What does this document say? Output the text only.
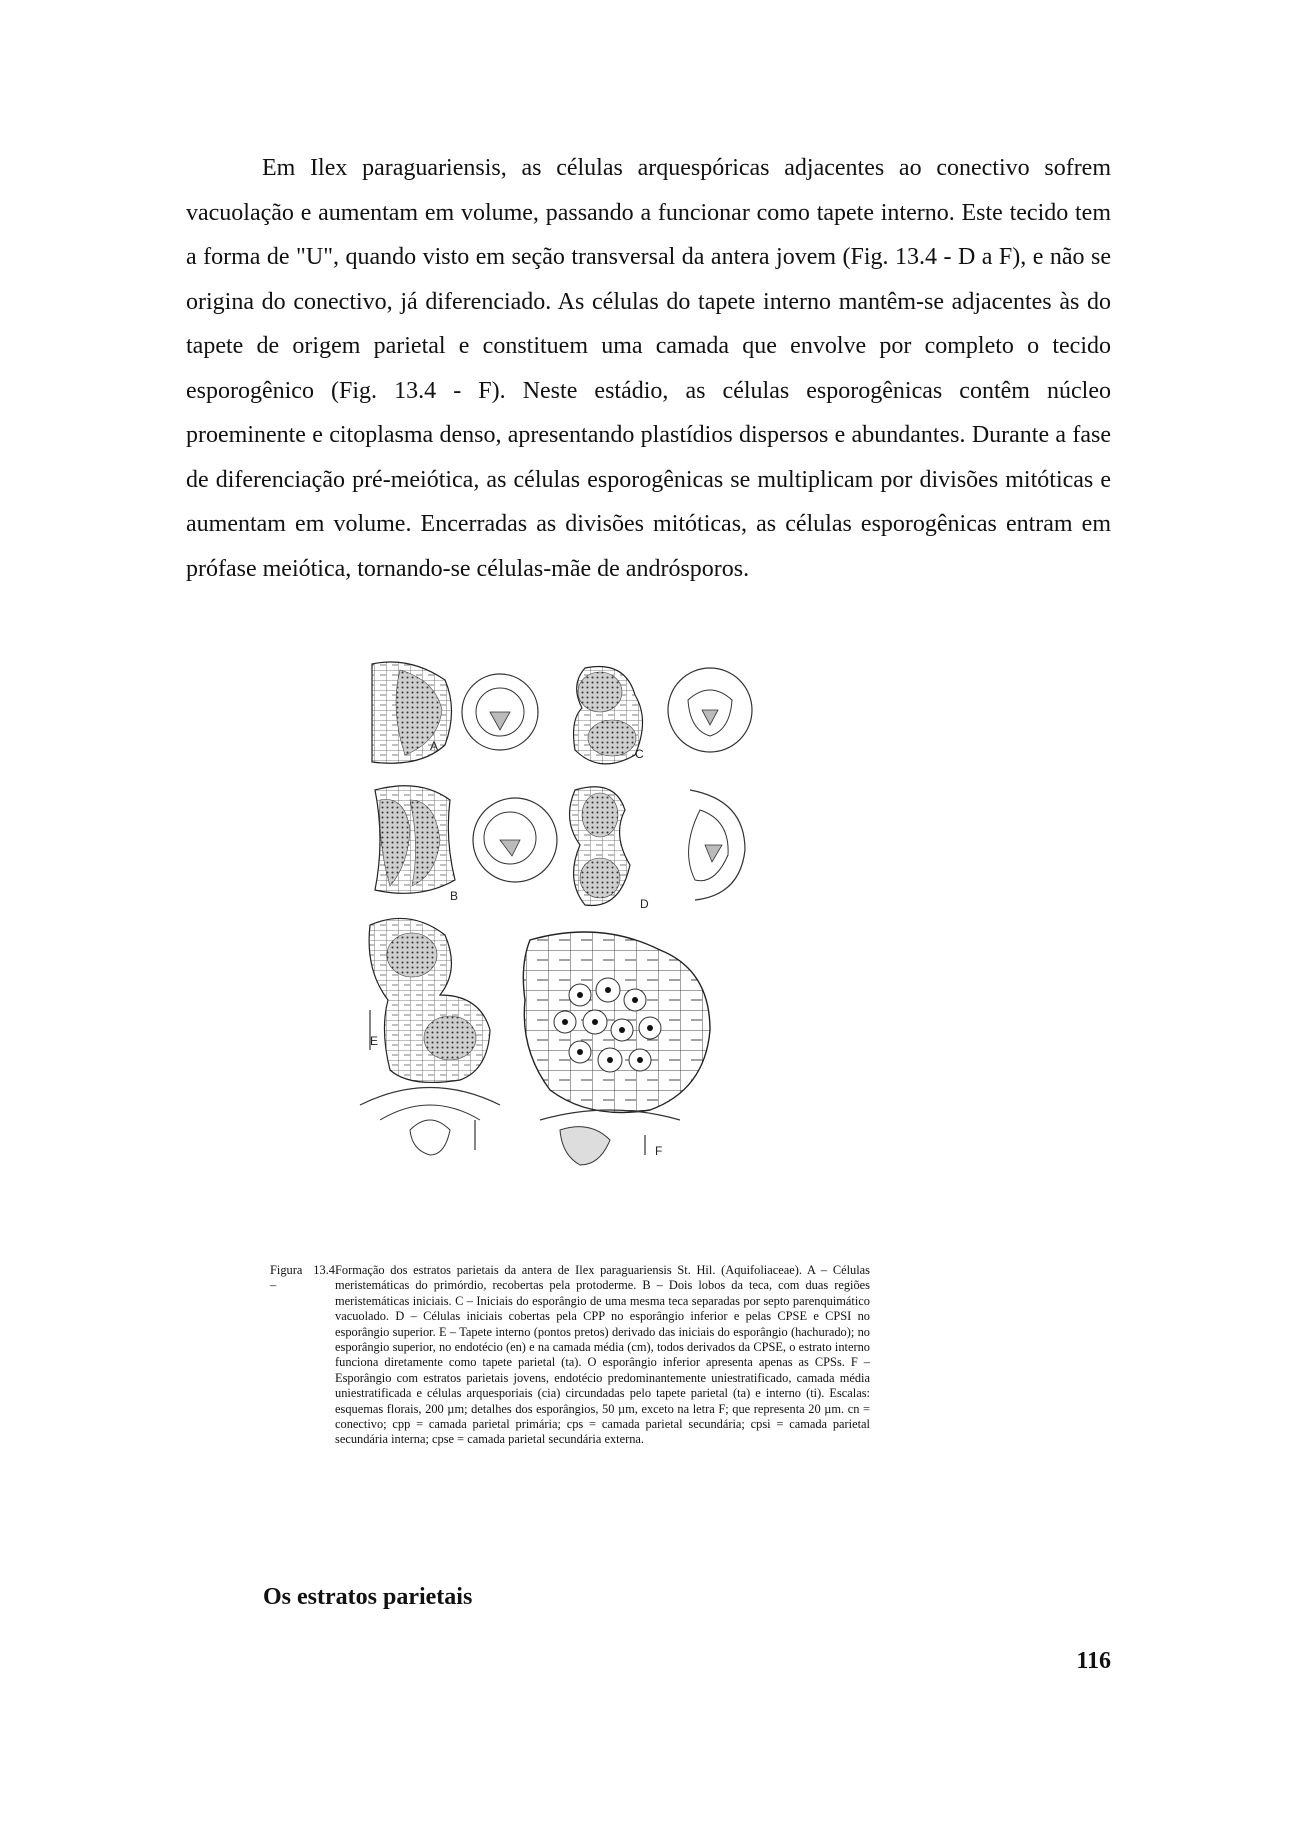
Em Ilex paraguariensis, as células arquespóricas adjacentes ao conectivo sofrem vacuolação e aumentam em volume, passando a funcionar como tapete interno. Este tecido tem a forma de "U", quando visto em seção transversal da antera jovem (Fig. 13.4 - D a F), e não se origina do conectivo, já diferenciado. As células do tapete interno mantêm-se adjacentes às do tapete de origem parietal e constituem uma camada que envolve por completo o tecido esporogênico (Fig. 13.4 - F). Neste estádio, as células esporogênicas contêm núcleo proeminente e citoplasma denso, apresentando plastídios dispersos e abundantes. Durante a fase de diferenciação pré-meiótica, as células esporogênicas se multiplicam por divisões mitóticas e aumentam em volume. Encerradas as divisões mitóticas, as células esporogênicas entram em prófase meiótica, tornando-se células-mãe de andrósporos.
A
C
B
D
E
F
Figura 13.4 –
Formação dos estratos parietais da antera de Ilex paraguariensis St. Hil. (Aquifoliaceae). A – Células meristemáticas do primórdio, recobertas pela protoderme. B – Dois lobos da teca, com duas regiões meristemáticas iniciais. C – Iniciais do esporângio de uma mesma teca separadas por septo parenquimático vacuolado. D – Células iniciais cobertas pela CPP no esporângio inferior e pelas CPSE e CPSI no esporângio superior. E – Tapete interno (pontos pretos) derivado das iniciais do esporângio (hachurado); no esporângio superior, no endotécio (en) e na camada média (cm), todos derivados da CPSE, o estrato interno funciona diretamente como tapete parietal (ta). O esporângio inferior apresenta apenas as CPSs. F – Esporângio com estratos parietais jovens, endotécio predominantemente uniestratificado, camada média uniestratificada e células arquesporiais (cia) circundadas pelo tapete parietal (ta) e interno (ti). Escalas: esquemas florais, 200 µm; detalhes dos esporângios, 50 µm, exceto na letra F; que representa 20 µm. cn = conectivo; cpp = camada parietal primária; cps = camada parietal secundária; cpsi = camada parietal secundária interna; cpse = camada parietal secundária externa.
Os estratos parietais
116
